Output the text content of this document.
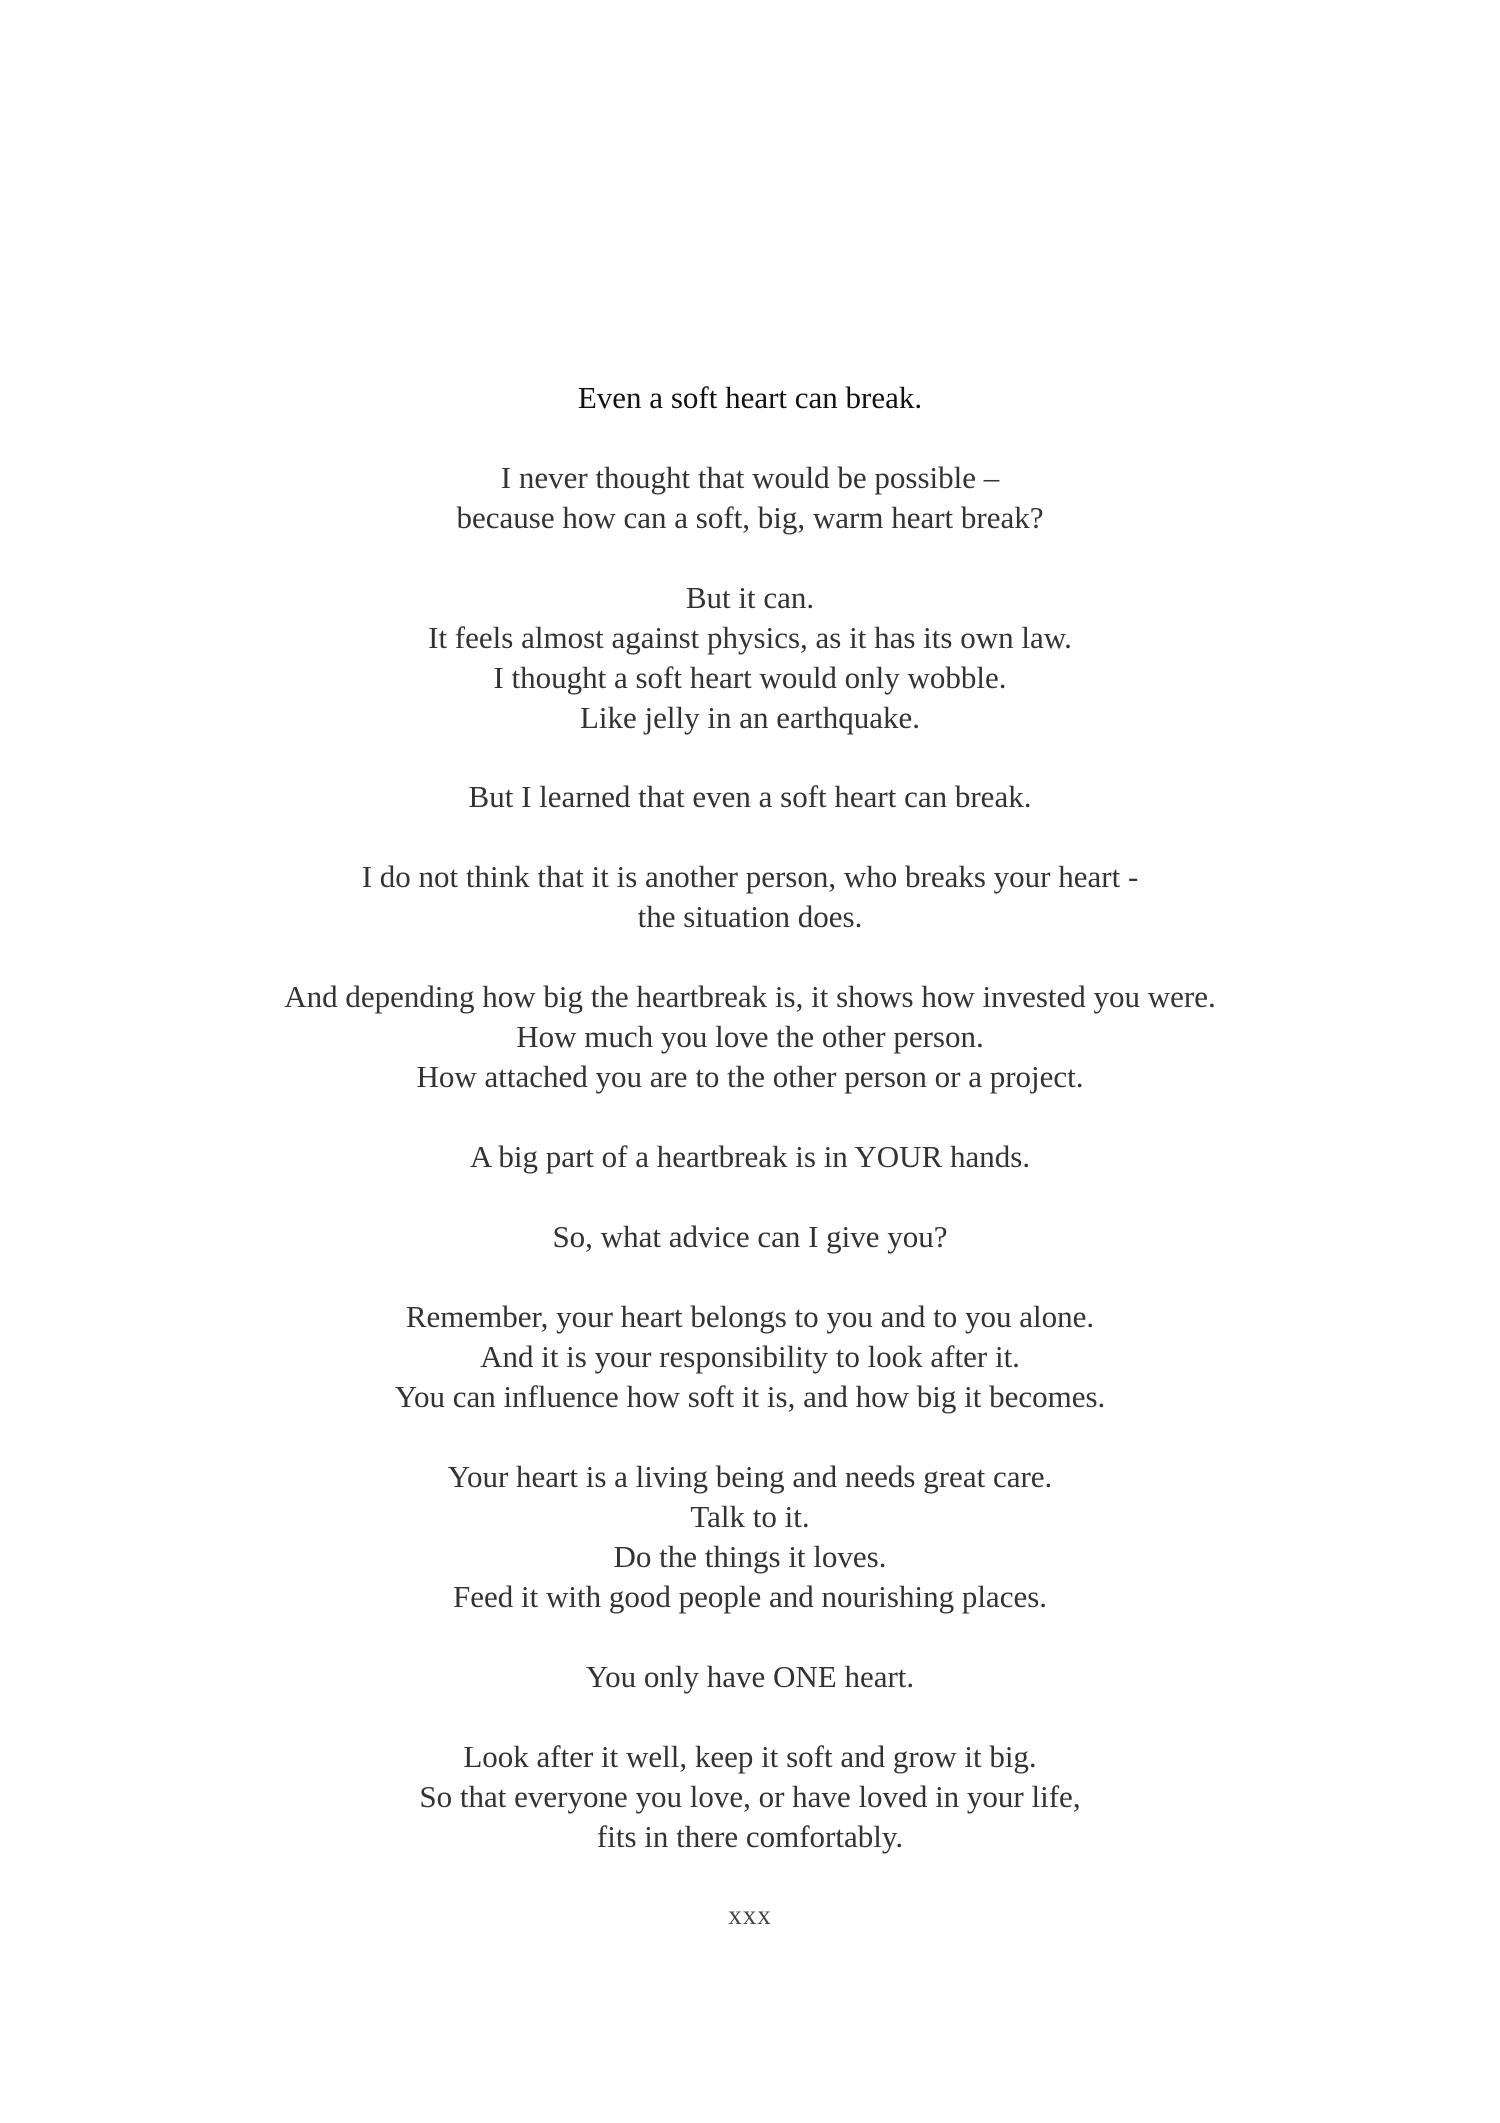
Even a soft heart can break.

I never thought that would be possible –
because how can a soft, big, warm heart break?

But it can.
It feels almost against physics, as it has its own law.
I thought a soft heart would only wobble.
Like jelly in an earthquake.

But I learned that even a soft heart can break.

I do not think that it is another person, who breaks your heart -
the situation does.

And depending how big the heartbreak is, it shows how invested you were.
How much you love the other person.
How attached you are to the other person or a project.

A big part of a heartbreak is in YOUR hands.

So, what advice can I give you?

Remember, your heart belongs to you and to you alone.
And it is your responsibility to look after it.
You can influence how soft it is, and how big it becomes.

Your heart is a living being and needs great care.
Talk to it.
Do the things it loves.
Feed it with good people and nourishing places.

You only have ONE heart.

Look after it well, keep it soft and grow it big.
So that everyone you love, or have loved in your life,
fits in there comfortably.

xxx
